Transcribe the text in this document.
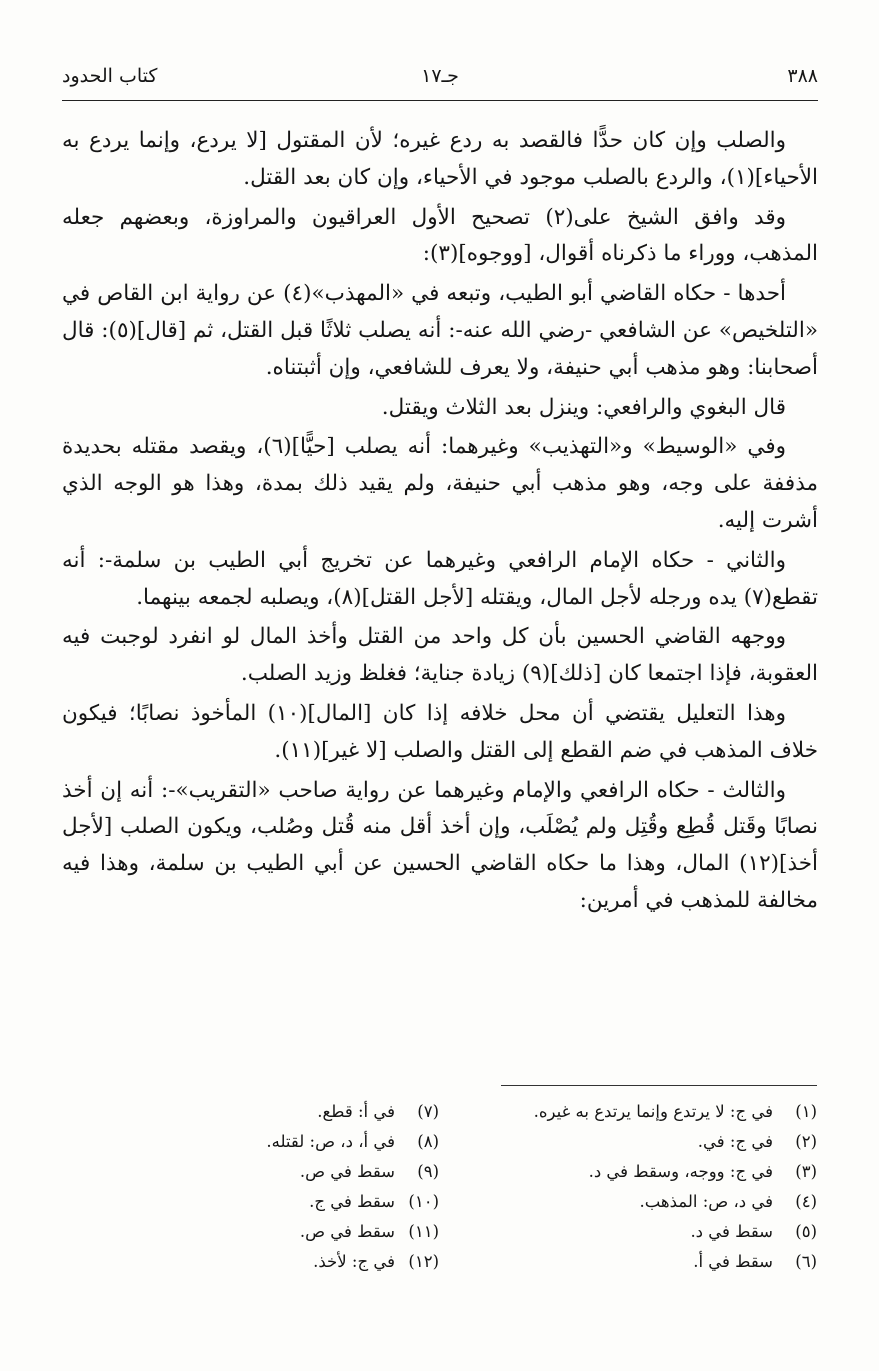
٣٨٨
جـ١٧
كتاب الحدود

والصلب وإن كان حدًّا فالقصد به ردع غيره؛ لأن المقتول [لا يردع، وإنما يردع به الأحياء](١)، والردع بالصلب موجود في الأحياء، وإن كان بعد القتل.

وقد وافق الشيخ على(٢) تصحيح الأول العراقيون والمراوزة، وبعضهم جعله المذهب، ووراء ما ذكرناه أقوال، [ووجوه](٣):

أحدها - حكاه القاضي أبو الطيب، وتبعه في «المهذب»(٤) عن رواية ابن القاص في «التلخيص» عن الشافعي -رضي الله عنه-: أنه يصلب ثلاثًا قبل القتل، ثم [قال](٥): قال أصحابنا: وهو مذهب أبي حنيفة، ولا يعرف للشافعي، وإن أثبتناه.

قال البغوي والرافعي: وينزل بعد الثلاث ويقتل.

وفي «الوسيط» و«التهذيب» وغيرهما: أنه يصلب [حيًّا](٦)، ويقصد مقتله بحديدة مذففة على وجه، وهو مذهب أبي حنيفة، ولم يقيد ذلك بمدة، وهذا هو الوجه الذي أشرت إليه.

والثاني - حكاه الإمام الرافعي وغيرهما عن تخريج أبي الطيب بن سلمة-: أنه تقطع(٧) يده ورجله لأجل المال، ويقتله [لأجل القتل](٨)، ويصلبه لجمعه بينهما.

ووجهه القاضي الحسين بأن كل واحد من القتل وأخذ المال لو انفرد لوجبت فيه العقوبة، فإذا اجتمعا كان [ذلك](٩) زيادة جناية؛ فغلظ وزيد الصلب.

وهذا التعليل يقتضي أن محل خلافه إذا كان [المال](١٠) المأخوذ نصابًا؛ فيكون خلاف المذهب في ضم القطع إلى القتل والصلب [لا غير](١١).

والثالث - حكاه الرافعي والإمام وغيرهما عن رواية صاحب «التقريب»-: أنه إن أخذ نصابًا وقَتل قُطِع وقُتِل ولم يُصْلَب، وإن أخذ أقل منه قُتل وصُلب، ويكون الصلب [لأجل أخذ](١٢) المال، وهذا ما حكاه القاضي الحسين عن أبي الطيب بن سلمة، وهذا فيه مخالفة للمذهب في أمرين:

(١)في ج: لا يرتدع وإنما يرتدع به غيره.
(٢)في ج: في.
(٣)في ج: ووجه، وسقط في د.
(٤)في د، ص: المذهب.
(٥)سقط في د.
(٦)سقط في أ.
(٧)في أ: قطع.
(٨)في أ، د، ص: لقتله.
(٩)سقط في ص.
(١٠)سقط في ج.
(١١)سقط في ص.
(١٢)في ج: لأخذ.
